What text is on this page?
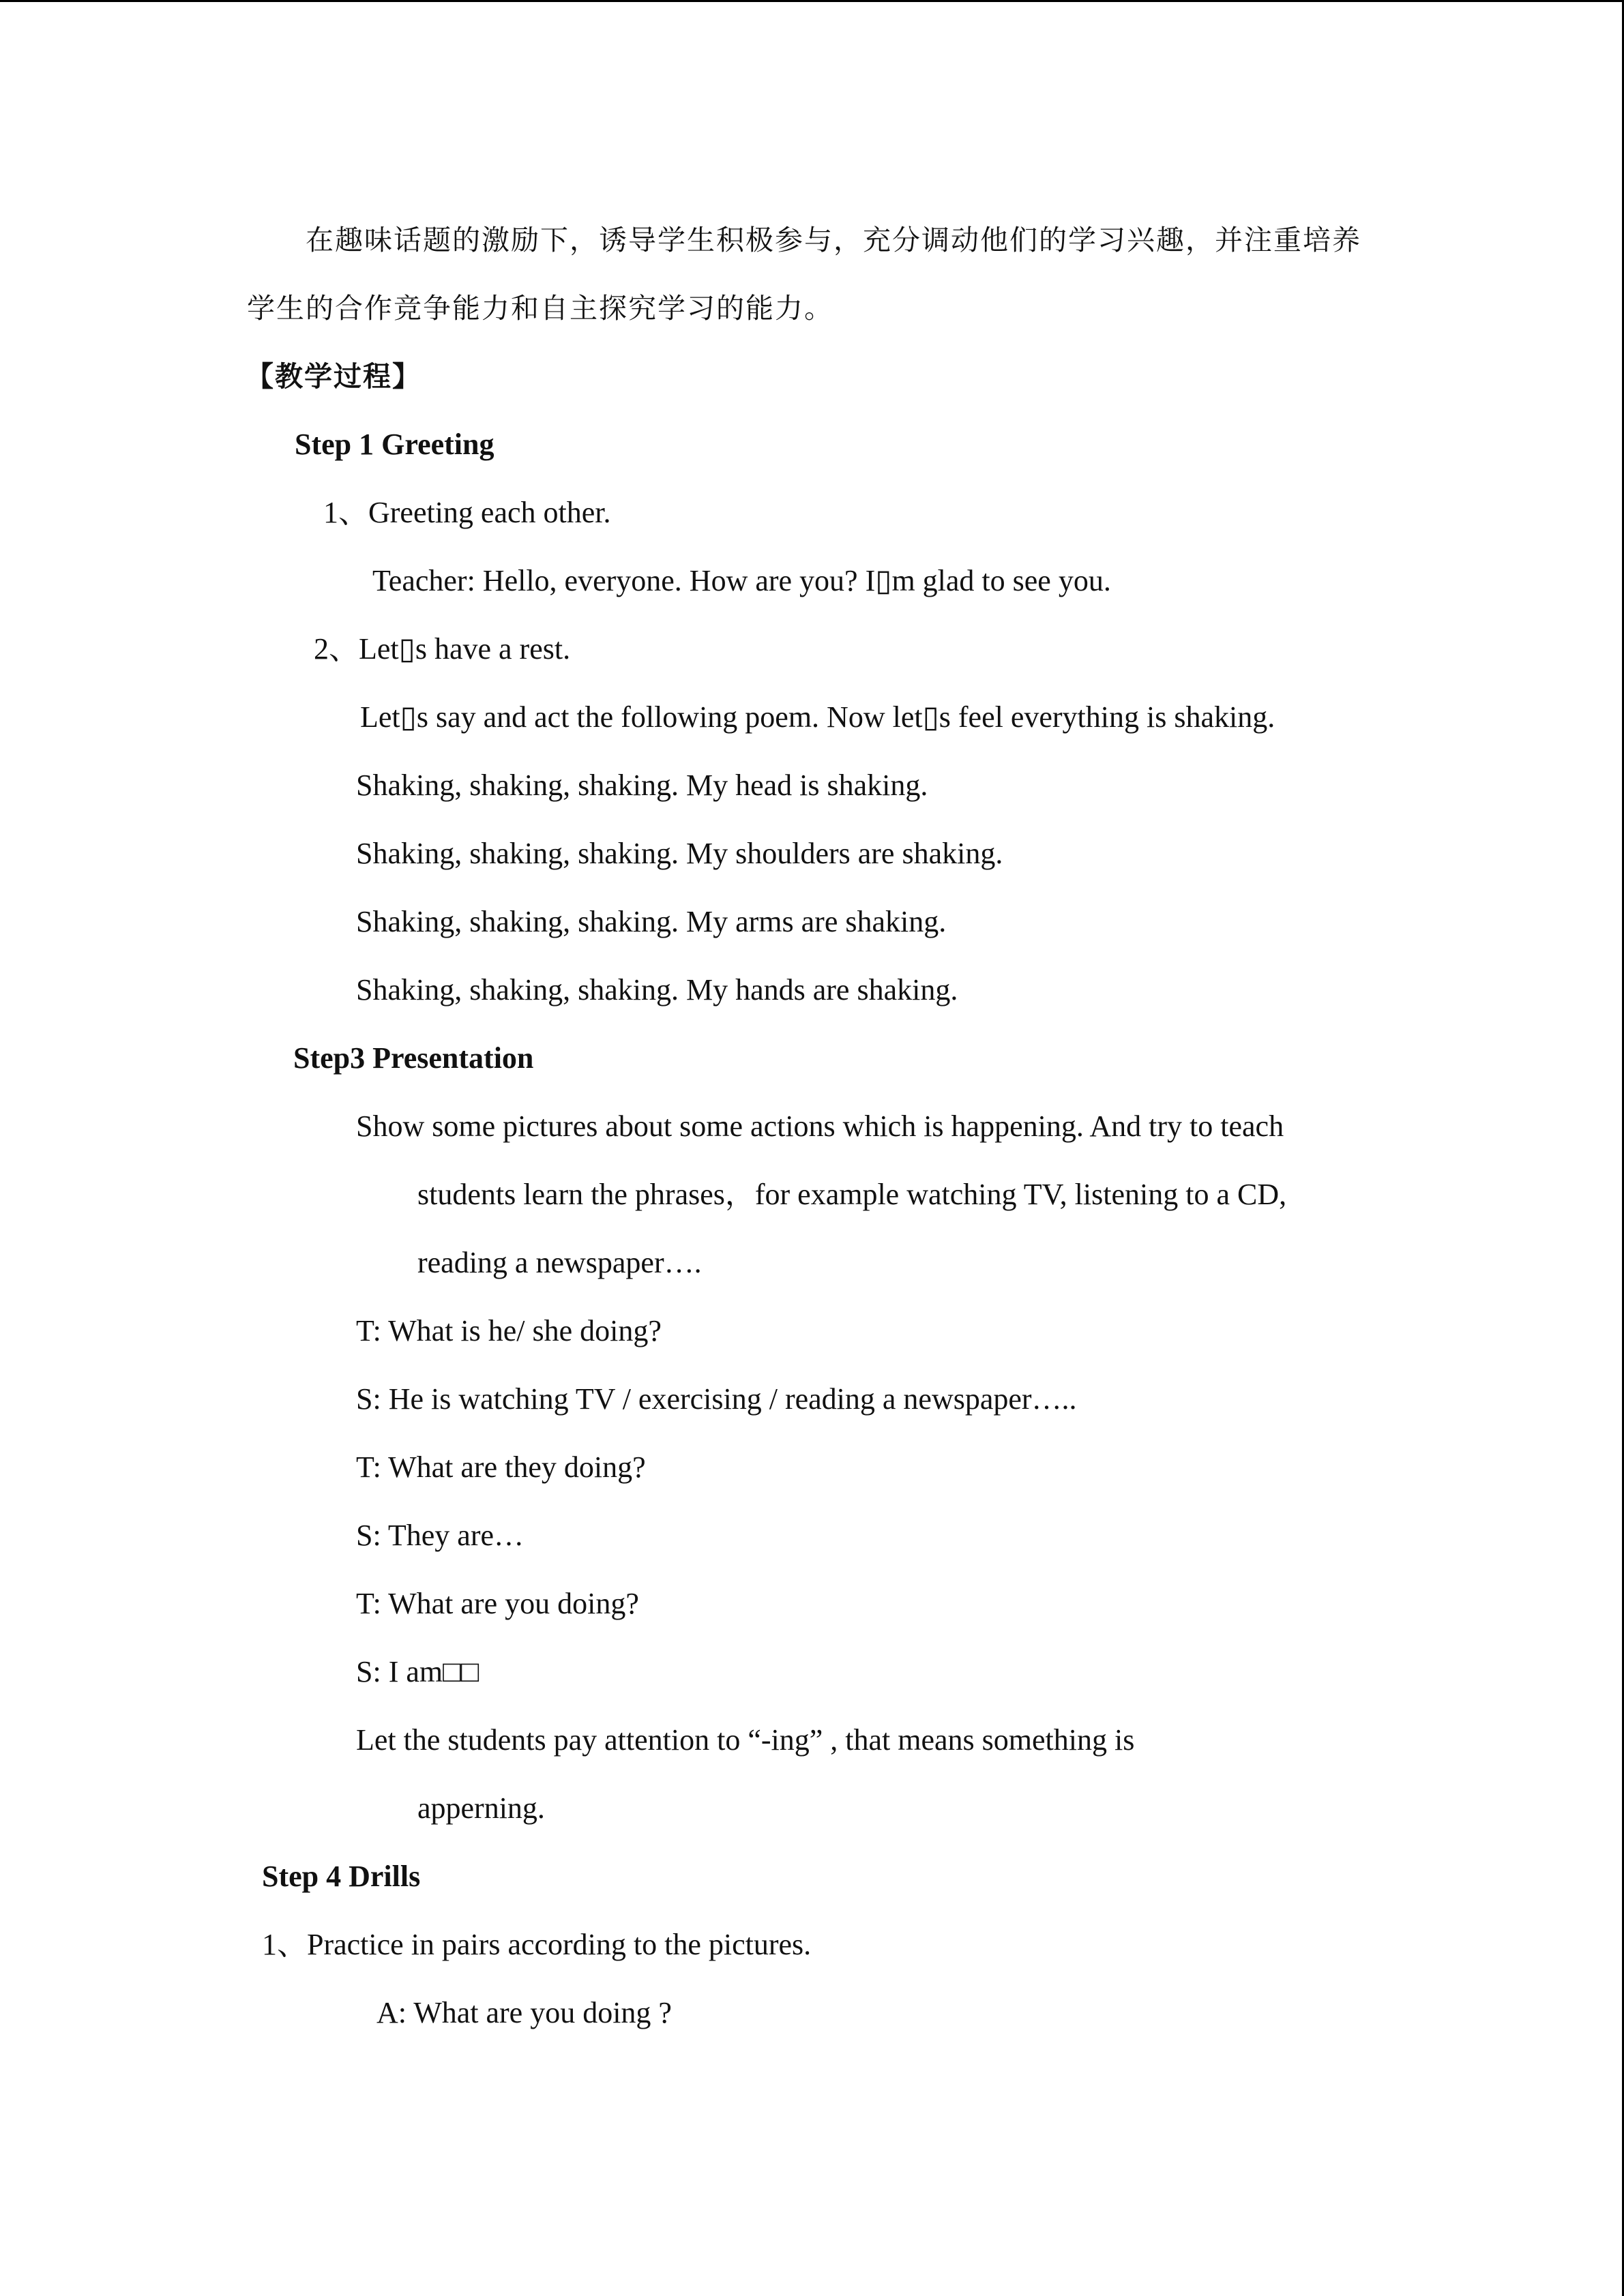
在趣味话题的激励下，诱导学生积极参与，充分调动他们的学习兴趣，并注重培养
学生的合作竞争能力和自主探究学习的能力。
【教学过程】
Step 1 Greeting
1、Greeting each other.
Teacher: Hello, everyone. How are you? I▯m glad to see you.
2、Let▯s have a rest.
Let▯s say and act the following poem. Now let▯s feel everything is shaking.
Shaking, shaking, shaking. My head is shaking.
Shaking, shaking, shaking. My shoulders are shaking.
Shaking, shaking, shaking. My arms are shaking.
Shaking, shaking, shaking. My hands are shaking.
Step3 Presentation
Show some pictures about some actions which is happening. And try to teach
students learn the phrases，for example watching TV, listening to a CD,
reading a newspaper….
T: What is he/ she doing?
S: He is watching TV / exercising / reading a newspaper…..
T: What are they doing?
S: They are…
T: What are you doing?
S: I am□□
Let the students pay attention to “-ing” , that means something is
apperning.
Step 4 Drills
1、Practice in pairs according to the pictures.
A: What are you doing ?
